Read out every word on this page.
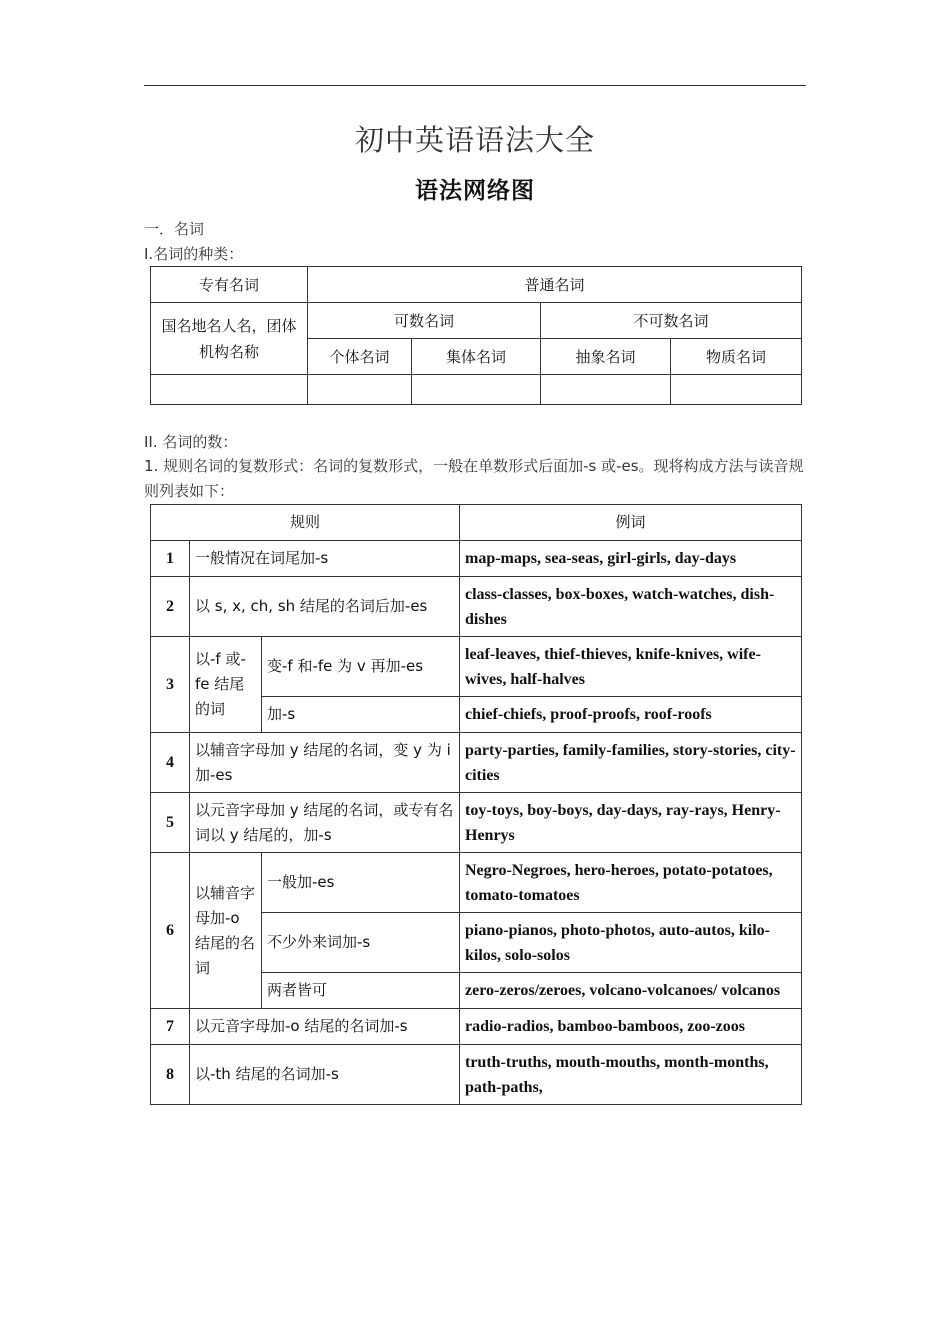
初中英语语法大全
语法网络图
一．名词
I.名词的种类：
专有名词	普通名词			
国名地名人名，团体机构名称	可数名词		不可数名词	
	个体名词	集体名词	抽象名词	物质名词

II. 名词的数：
1. 规则名词的复数形式：名词的复数形式，一般在单数形式后面加-s 或-es。现将构成方法与读音规则列表如下：
规则			例词
1	一般情况在词尾加-s		map-maps, sea-seas, girl-girls, day-days
2	以 s, x, ch, sh 结尾的名词后加-es		class-classes, box-boxes, watch-watches, dish-dishes
3	以-f 或-fe 结尾的词	变-f 和-fe 为 v 再加-es	leaf-leaves, thief-thieves, knife-knives, wife-wives, half-halves
		加-s	chief-chiefs, proof-proofs, roof-roofs
4	以辅音字母加 y 结尾的名词，变 y 为 i 加-es		party-parties, family-families, story-stories, city-cities
5	以元音字母加 y 结尾的名词，或专有名词以 y 结尾的，加-s		toy-toys, boy-boys, day-days, ray-rays, Henry-Henrys
6	以辅音字母加-o 结尾的名词	一般加-es	Negro-Negroes, hero-heroes, potato-potatoes, tomato-tomatoes
		不少外来词加-s	piano-pianos, photo-photos, auto-autos, kilo-kilos, solo-solos
		两者皆可	zero-zeros/zeroes, volcano-volcanoes/ volcanos
7	以元音字母加-o 结尾的名词加-s		radio-radios, bamboo-bamboos, zoo-zoos
8	以-th 结尾的名词加-s		truth-truths, mouth-mouths, month-months, path-paths,
